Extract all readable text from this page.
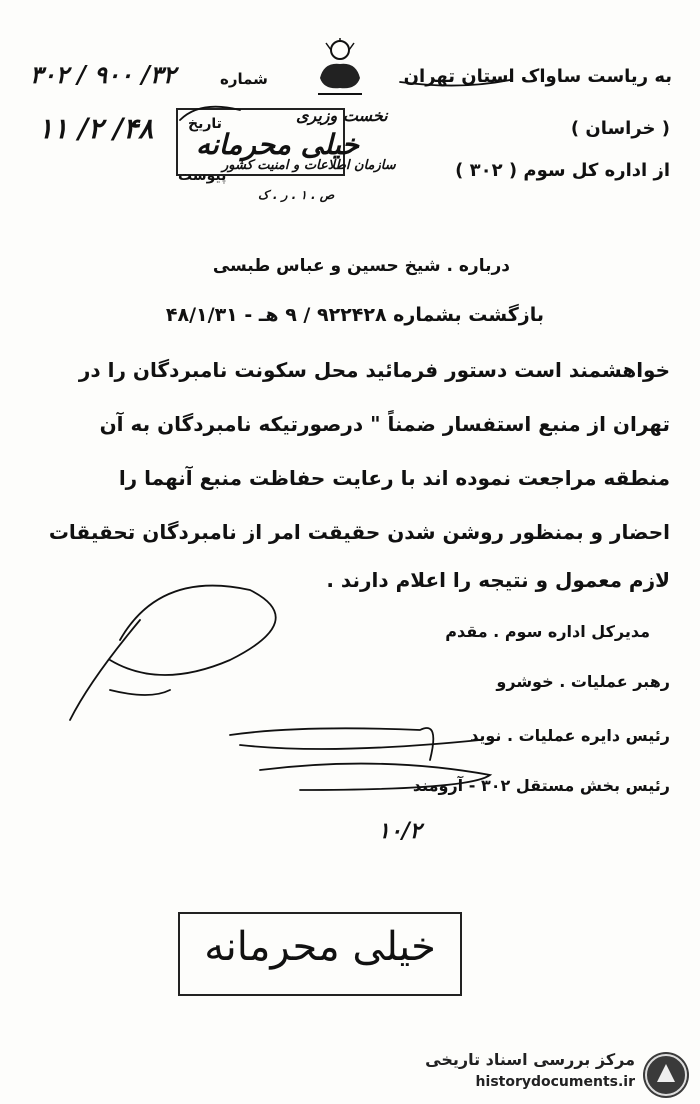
به ریاست ساواک استان تهران
شماره
۳۰۲ / ۹۰۰ /۳۲
( خراسان )
۱۱ /۲ /۴۸	نخست وزیری
تاریخ
خیلی محرمانه
سازمان اطلاعات و امنیت کشور
پیوست	از اداره کل سوم ( ۳۰۲ )
ص . ۱ . ر . ک
درباره . شیخ حسین و عباس طبسی
بازگشت بشماره ۹۲۲۴۲۸ / ۹ هـ - ۴۸/۱/۳۱
خواهشمند است دستور فرمائید محل سکونت نامبردگان را در
تهران از منبع استفسار ضمناً " درصورتیکه نامبردگان به آن
منطقه مراجعت نموده اند با رعایت حفاظت منبع آنهما را
احضار و بمنظور روشن شدن حقیقت امر از نامبردگان تحقیقات
لازم معمول و نتیجه را اعلام دارند .
مدیرکل اداره سوم . مقدم
رهبر عملیات . خوشرو
رئیس دایره عملیات . نوید
رئیس بخش مستقل ۳۰۲ - آرومند
۱۰/۲
خیلی محرمانه
مرکز بررسی اسناد تاریخی
historydocuments.ir
